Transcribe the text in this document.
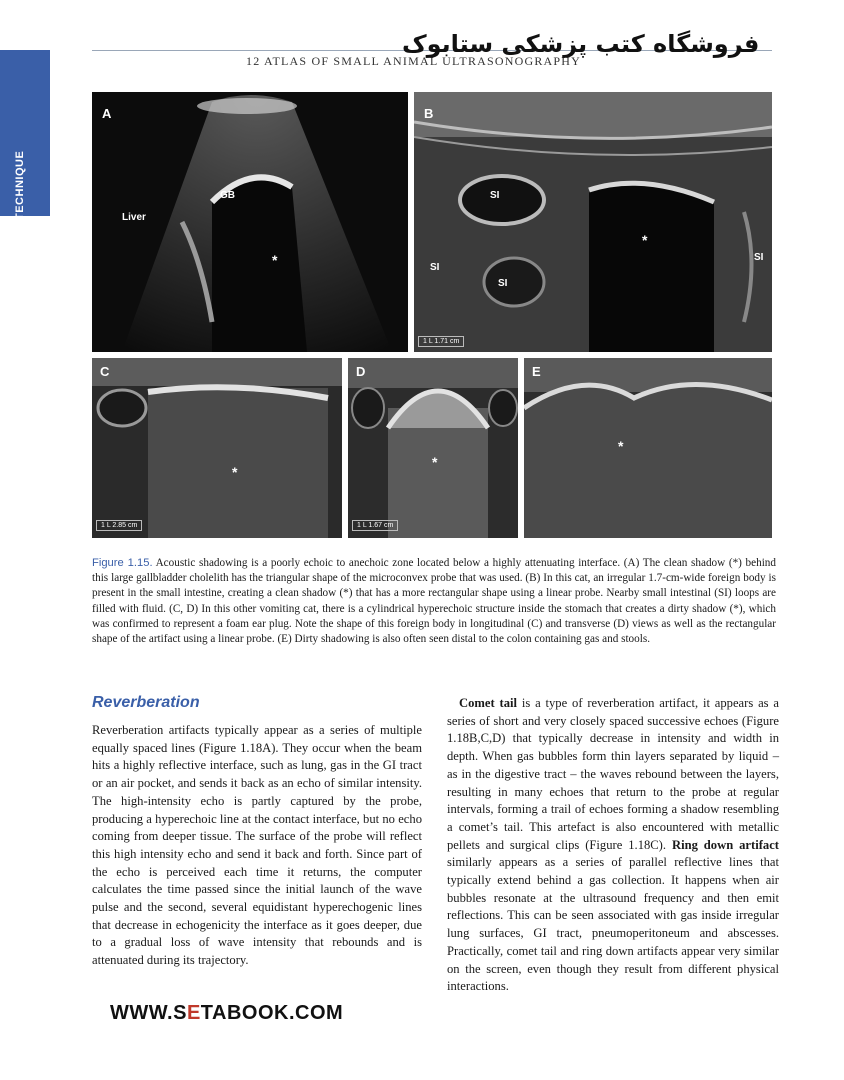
TECHNIQUE
12 ATLAS OF SMALL ANIMAL ULTRASONOGRAPHY
فروشگاه کتب پزشکی ستابوک
A
GB
Liver
*
B
SI
SI
SI
SI
*
1 L 1.71 cm
C
*
1 L 2.85 cm
D
*
1 L 1.67 cm
E
*
Figure 1.15. Acoustic shadowing is a poorly echoic to anechoic zone located below a highly attenuating interface. (A) The clean shadow (*) behind this large gallbladder cholelith has the triangular shape of the microconvex probe that was used. (B) In this cat, an irregular 1.7-cm-wide foreign body is present in the small intestine, creating a clean shadow (*) that has a more rectangular shape using a linear probe. Nearby small intestinal (SI) loops are filled with fluid. (C, D) In this other vomiting cat, there is a cylindrical hyperechoic structure inside the stomach that creates a dirty shadow (*), which was confirmed to represent a foam ear plug. Note the shape of this foreign body in longitudinal (C) and transverse (D) views as well as the rectangular shape of the artifact using a linear probe. (E) Dirty shadowing is also often seen distal to the colon containing gas and stools.
Reverberation

Reverberation artifacts typically appear as a series of multiple equally spaced lines (Figure 1.18A). They occur when the beam hits a highly reflective interface, such as lung, gas in the GI tract or an air pocket, and sends it back as an echo of similar intensity. The high-intensity echo is partly captured by the probe, producing a hyperechoic line at the contact interface, but no echo coming from deeper tissue. The surface of the probe will reflect this high intensity echo and send it back and forth. Since part of the echo is perceived each time it returns, the computer calculates the time passed since the initial launch of the wave pulse and the second, several equidistant hyperechogenic lines that decrease in echogenicity the interface as it goes deeper, due to a gradual loss of wave intensity that rebounds and is attenuated during its trajectory.

Comet tail is a type of reverberation artifact, it appears as a series of short and very closely spaced successive echoes (Figure 1.18B,C,D) that typically decrease in intensity and width in depth. When gas bubbles form thin layers separated by liquid – as in the digestive tract – the waves rebound between the layers, resulting in many echoes that return to the probe at regular intervals, forming a trail of echoes forming a shadow resembling a comet’s tail. This artefact is also encountered with metallic pellets and surgical clips (Figure 1.18C). Ring down artifact similarly appears as a series of parallel reflective lines that typically extend behind a gas collection. It happens when air bubbles resonate at the ultrasound frequency and then emit reflections. This can be seen associated with gas inside irregular lung surfaces, GI tract, pneumoperitoneum and abscesses. Practically, comet tail and ring down artifacts appear very similar on the screen, even though they result from different physical interactions.

WWW.SETABOOK.COM
